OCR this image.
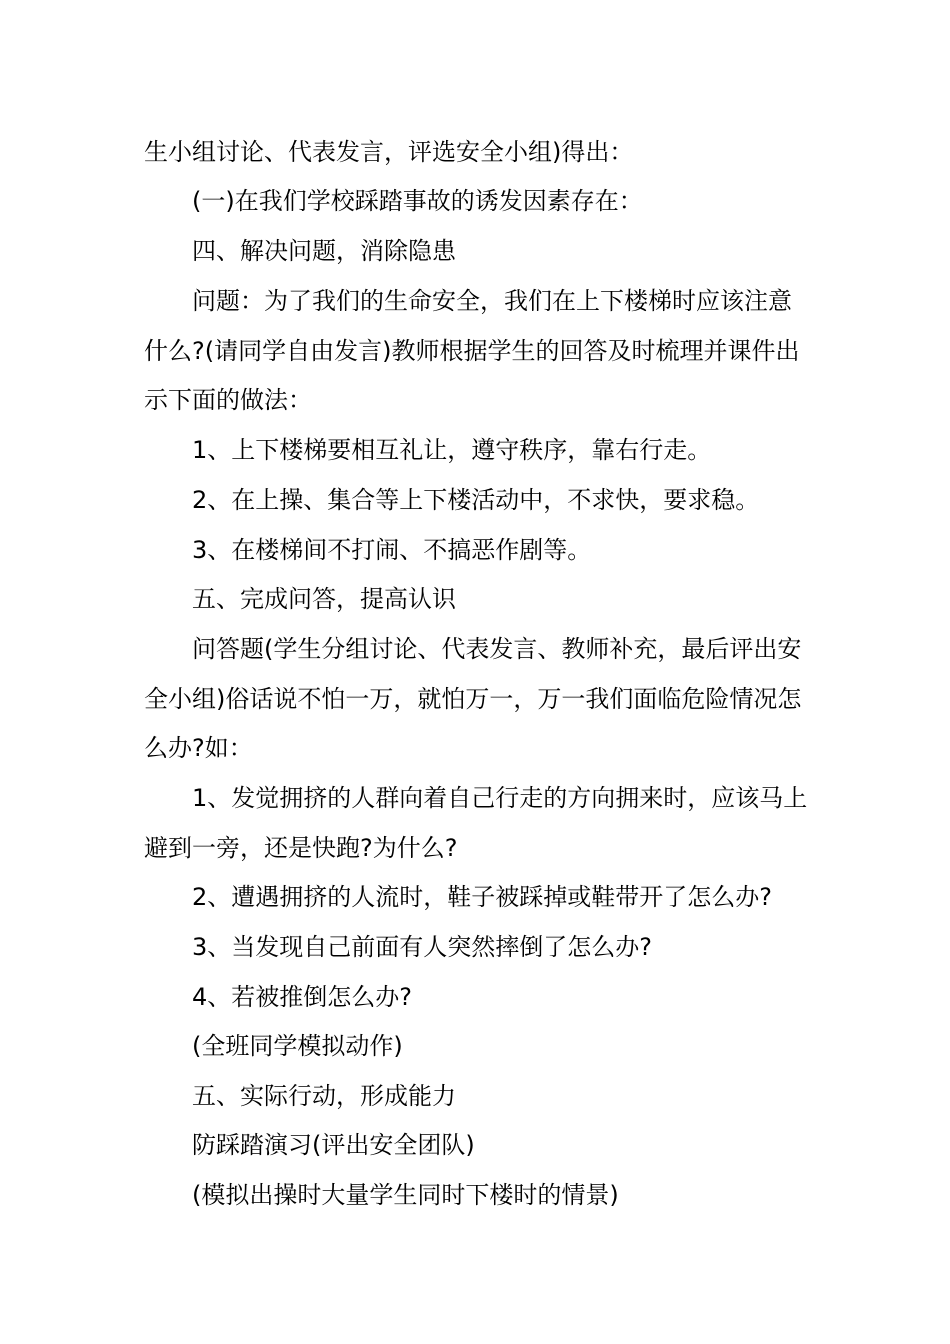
生小组讨论、代表发言，评选安全小组)得出：

(一)在我们学校踩踏事故的诱发因素存在：

四、解决问题，消除隐患

问题：为了我们的生命安全，我们在上下楼梯时应该注意什么?(请同学自由发言)教师根据学生的回答及时梳理并课件出示下面的做法：

1、上下楼梯要相互礼让，遵守秩序，靠右行走。

2、在上操、集合等上下楼活动中，不求快，要求稳。

3、在楼梯间不打闹、不搞恶作剧等。

五、完成问答，提高认识

问答题(学生分组讨论、代表发言、教师补充，最后评出安全小组)俗话说不怕一万，就怕万一，万一我们面临危险情况怎么办?如：

1、发觉拥挤的人群向着自己行走的方向拥来时，应该马上避到一旁，还是快跑?为什么?

2、遭遇拥挤的人流时，鞋子被踩掉或鞋带开了怎么办?

3、当发现自己前面有人突然摔倒了怎么办?

4、若被推倒怎么办?

(全班同学模拟动作)

五、实际行动，形成能力

防踩踏演习(评出安全团队)

(模拟出操时大量学生同时下楼时的情景)
